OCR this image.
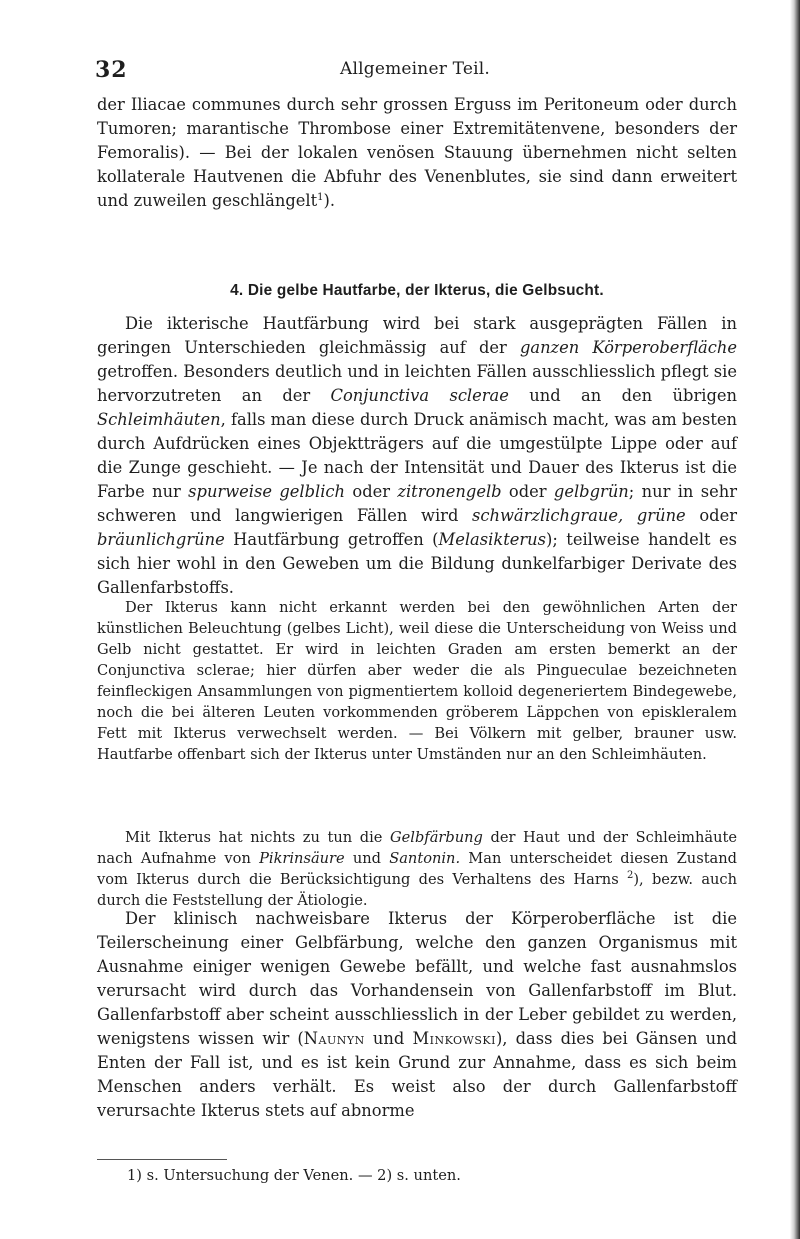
32	Allgemeiner Teil.

der Iliacae communes durch sehr grossen Erguss im Peritoneum oder durch Tumoren; marantische Thrombose einer Extremitätenvene, besonders der Femoralis). — Bei der lokalen venösen Stauung übernehmen nicht selten kollaterale Hautvenen die Abfuhr des Venenblutes, sie sind dann erweitert und zuweilen geschlängelt$^1$).

4. Die gelbe Hautfarbe, der Ikterus, die Gelbsucht.

Die ikterische Hautfärbung wird bei stark ausgeprägten Fällen in geringen Unterschieden gleichmässig auf der ganzen Körperoberfläche getroffen. Besonders deutlich und in leichten Fällen ausschliesslich pflegt sie hervorzutreten an der Conjunctiva sclerae und an den übrigen Schleimhäuten, falls man diese durch Druck anämisch macht, was am besten durch Aufdrücken eines Objektträgers auf die umgestülpte Lippe oder auf die Zunge geschieht. — Je nach der Intensität und Dauer des Ikterus ist die Farbe nur spurweise gelblich oder zitronengelb oder gelbgrün; nur in sehr schweren und langwierigen Fällen wird schwärzlichgraue, grüne oder bräunlichgrüne Hautfärbung getroffen (Melasikterus); teilweise handelt es sich hier wohl in den Geweben um die Bildung dunkelfarbiger Derivate des Gallenfarbstoffs.

Der Ikterus kann nicht erkannt werden bei den gewöhnlichen Arten der künstlichen Beleuchtung (gelbes Licht), weil diese die Unterscheidung von Weiss und Gelb nicht gestattet. Er wird in leichten Graden am ersten bemerkt an der Conjunctiva sclerae; hier dürfen aber weder die als Pingueculae bezeichneten feinfleckigen Ansammlungen von pigmentiertem kolloid degeneriertem Bindegewebe, noch die bei älteren Leuten vorkommenden gröberem Läppchen von episkleralem Fett mit Ikterus verwechselt werden. — Bei Völkern mit gelber, brauner usw. Hautfarbe offenbart sich der Ikterus unter Umständen nur an den Schleimhäuten.

Mit Ikterus hat nichts zu tun die Gelbfärbung der Haut und der Schleimhäute nach Aufnahme von Pikrinsäure und Santonin. Man unterscheidet diesen Zustand vom Ikterus durch die Berücksichtigung des Verhaltens des Harns $^2$), bezw. auch durch die Feststellung der Ätiologie.

Der klinisch nachweisbare Ikterus der Körperoberfläche ist die Teilerscheinung einer Gelbfärbung, welche den ganzen Organismus mit Ausnahme einiger wenigen Gewebe befällt, und welche fast ausnahmslos verursacht wird durch das Vorhandensein von Gallenfarbstoff im Blut. Gallenfarbstoff aber scheint ausschliesslich in der Leber gebildet zu werden, wenigstens wissen wir (Naunyn und Minkowski), dass dies bei Gänsen und Enten der Fall ist, und es ist kein Grund zur Annahme, dass es sich beim Menschen anders verhält. Es weist also der durch Gallenfarbstoff verursachte Ikterus stets auf abnorme

1) s. Untersuchung der Venen. — 2) s. unten.
